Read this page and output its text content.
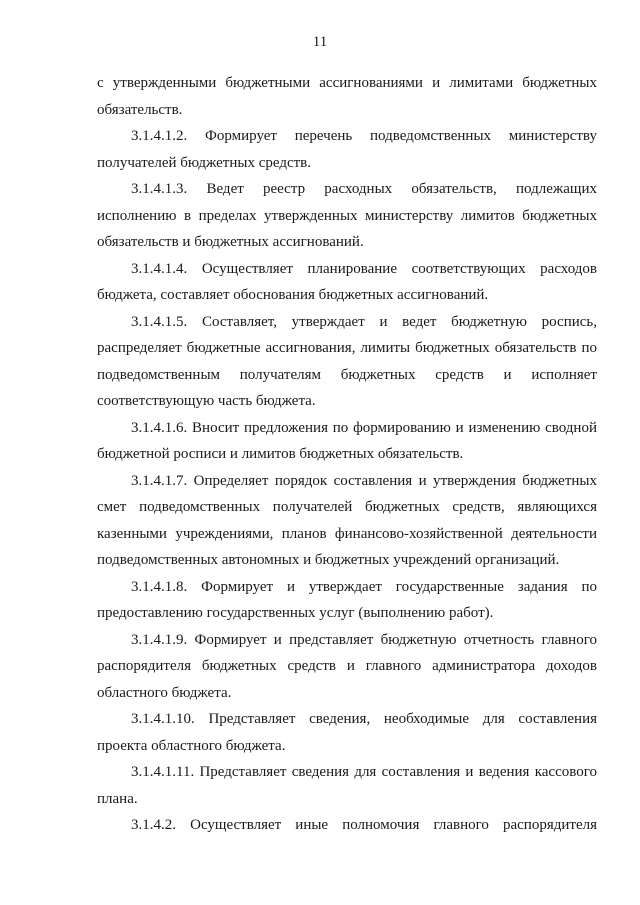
11

с утвержденными бюджетными ассигнованиями и лимитами бюджетных обязательств.

3.1.4.1.2. Формирует перечень подведомственных министерству получателей бюджетных средств.

3.1.4.1.3. Ведет реестр расходных обязательств, подлежащих исполнению в пределах утвержденных министерству лимитов бюджетных обязательств и бюджетных ассигнований.

3.1.4.1.4. Осуществляет планирование соответствующих расходов бюджета, составляет обоснования бюджетных ассигнований.

3.1.4.1.5. Составляет, утверждает и ведет бюджетную роспись, распределяет бюджетные ассигнования, лимиты бюджетных обязательств по подведомственным получателям бюджетных средств и исполняет соответствующую часть бюджета.

3.1.4.1.6. Вносит предложения по формированию и изменению сводной бюджетной росписи и лимитов бюджетных обязательств.

3.1.4.1.7. Определяет порядок составления и утверждения бюджетных смет подведомственных получателей бюджетных средств, являющихся казенными учреждениями, планов финансово-хозяйственной деятельности подведомственных автономных и бюджетных учреждений организаций.

3.1.4.1.8. Формирует и утверждает государственные задания по предоставлению государственных услуг (выполнению работ).

3.1.4.1.9. Формирует и представляет бюджетную отчетность главного распорядителя бюджетных средств и главного администратора доходов областного бюджета.

3.1.4.1.10. Представляет сведения, необходимые для составления проекта областного бюджета.

3.1.4.1.11. Представляет сведения для составления и ведения кассового плана.

3.1.4.2. Осуществляет иные полномочия главного распорядителя
